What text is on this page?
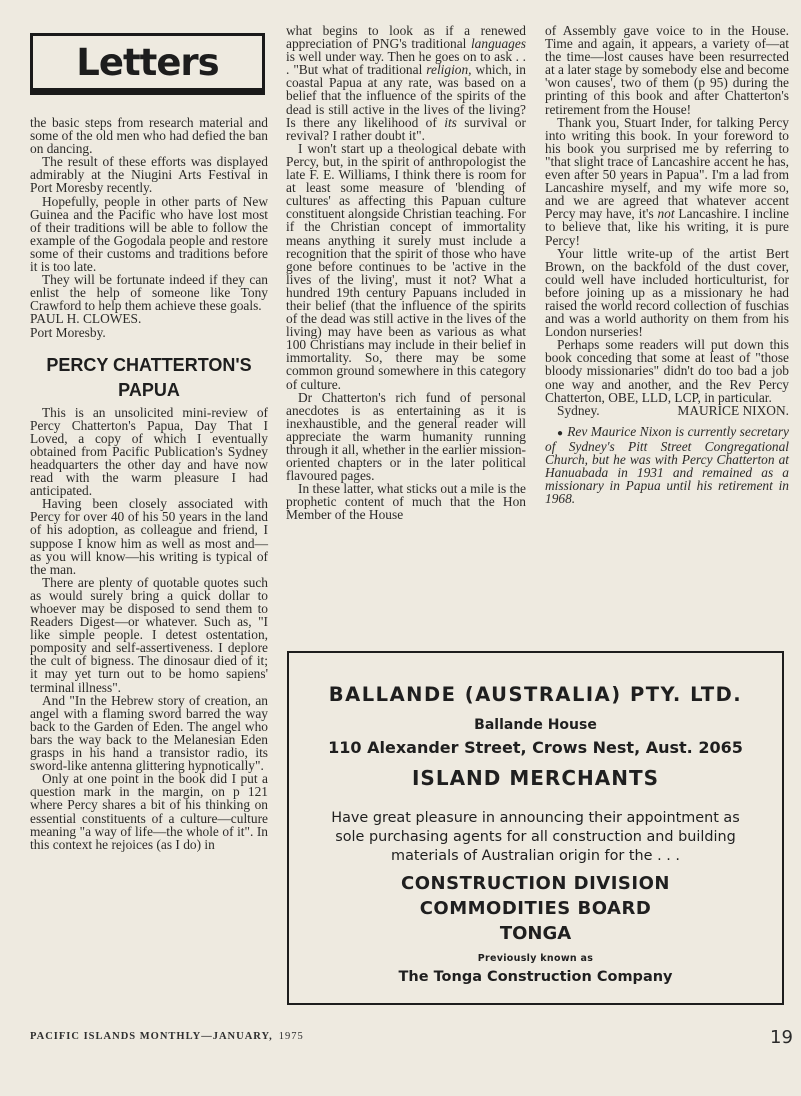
Letters

the basic steps from research material and some of the old men who had defied the ban on dancing.

The result of these efforts was displayed admirably at the Niugini Arts Festival in Port Moresby recently.

Hopefully, people in other parts of New Guinea and the Pacific who have lost most of their traditions will be able to follow the example of the Gogodala people and restore some of their customs and traditions before it is too late.

They will be fortunate indeed if they can enlist the help of someone like Tony Crawford to help them achieve these goals.

PAUL H. CLOWES.

Port Moresby.

PERCY CHATTERTON'S PAPUA

This is an unsolicited mini-review of Percy Chatterton's Papua, Day That I Loved, a copy of which I eventually obtained from Pacific Publication's Sydney headquarters the other day and have now read with the warm pleasure I had anticipated.

Having been closely associated with Percy for over 40 of his 50 years in the land of his adoption, as colleague and friend, I suppose I know him as well as most and—as you will know—his writing is typical of the man.

There are plenty of quotable quotes such as would surely bring a quick dollar to whoever may be disposed to send them to Readers Digest—or whatever. Such as, "I like simple people. I detest ostentation, pomposity and self-assertiveness. I deplore the cult of bigness. The dinosaur died of it; it may yet turn out to be homo sapiens' terminal illness".

And "In the Hebrew story of creation, an angel with a flaming sword barred the way back to the Garden of Eden. The angel who bars the way back to the Melanesian Eden grasps in his hand a transistor radio, its sword-like antenna glittering hypnotically".

Only at one point in the book did I put a question mark in the margin, on p 121 where Percy shares a bit of his thinking on essential constituents of a culture—culture meaning "a way of life—the whole of it". In this context he rejoices (as I do) in

what begins to look as if a renewed appreciation of PNG's traditional languages is well under way. Then he goes on to ask . . . "But what of traditional religion, which, in coastal Papua at any rate, was based on a belief that the influence of the spirits of the dead is still active in the lives of the living? Is there any likelihood of its survival or revival? I rather doubt it".

I won't start up a theological debate with Percy, but, in the spirit of anthropologist the late F. E. Williams, I think there is room for at least some measure of 'blending of cultures' as affecting this Papuan culture constituent alongside Christian teaching. For if the Christian concept of immortality means anything it surely must include a recognition that the spirit of those who have gone before continues to be 'active in the lives of the living', must it not? What a hundred 19th century Papuans included in their belief (that the influence of the spirits of the dead was still active in the lives of the living) may have been as various as what 100 Christians may include in their belief in immortality. So, there may be some common ground somewhere in this category of culture.

Dr Chatterton's rich fund of personal anecdotes is as entertaining as it is inexhaustible, and the general reader will appreciate the warm humanity running through it all, whether in the earlier mission-oriented chapters or in the later political flavoured pages.

In these latter, what sticks out a mile is the prophetic content of much that the Hon Member of the House

of Assembly gave voice to in the House. Time and again, it appears, a variety of—at the time—lost causes have been resurrected at a later stage by somebody else and become 'won causes', two of them (p 95) during the printing of this book and after Chatterton's retirement from the House!

Thank you, Stuart Inder, for talking Percy into writing this book. In your foreword to his book you surprised me by referring to "that slight trace of Lancashire accent he has, even after 50 years in Papua". I'm a lad from Lancashire myself, and my wife more so, and we are agreed that whatever accent Percy may have, it's not Lancashire. I incline to believe that, like his writing, it is pure Percy!

Your little write-up of the artist Bert Brown, on the backfold of the dust cover, could well have included horticulturist, for before joining up as a missionary he had raised the world record collection of fuschias and was a world authority on them from his London nurseries!

Perhaps some readers will put down this book conceding that some at least of "those bloody missionaries" didn't do too bad a job one way and another, and the Rev Percy Chatterton, OBE, LLD, LCP, in particular.

Sydney.	MAURICE NIXON.

● Rev Maurice Nixon is currently secretary of Sydney's Pitt Street Congregational Church, but he was with Percy Chatterton at Hanuabada in 1931 and remained as a missionary in Papua until his retirement in 1968.

BALLANDE (AUSTRALIA) PTY. LTD.
Ballande House
110 Alexander Street, Crows Nest, Aust. 2065
ISLAND MERCHANTS
Have great pleasure in announcing their appointment as sole purchasing agents for all construction and building materials of Australian origin for the . . .
CONSTRUCTION DIVISION
COMMODITIES BOARD
TONGA
Previously known as
The Tonga Construction Company
PACIFIC ISLANDS MONTHLY—JANUARY, 1975	19
